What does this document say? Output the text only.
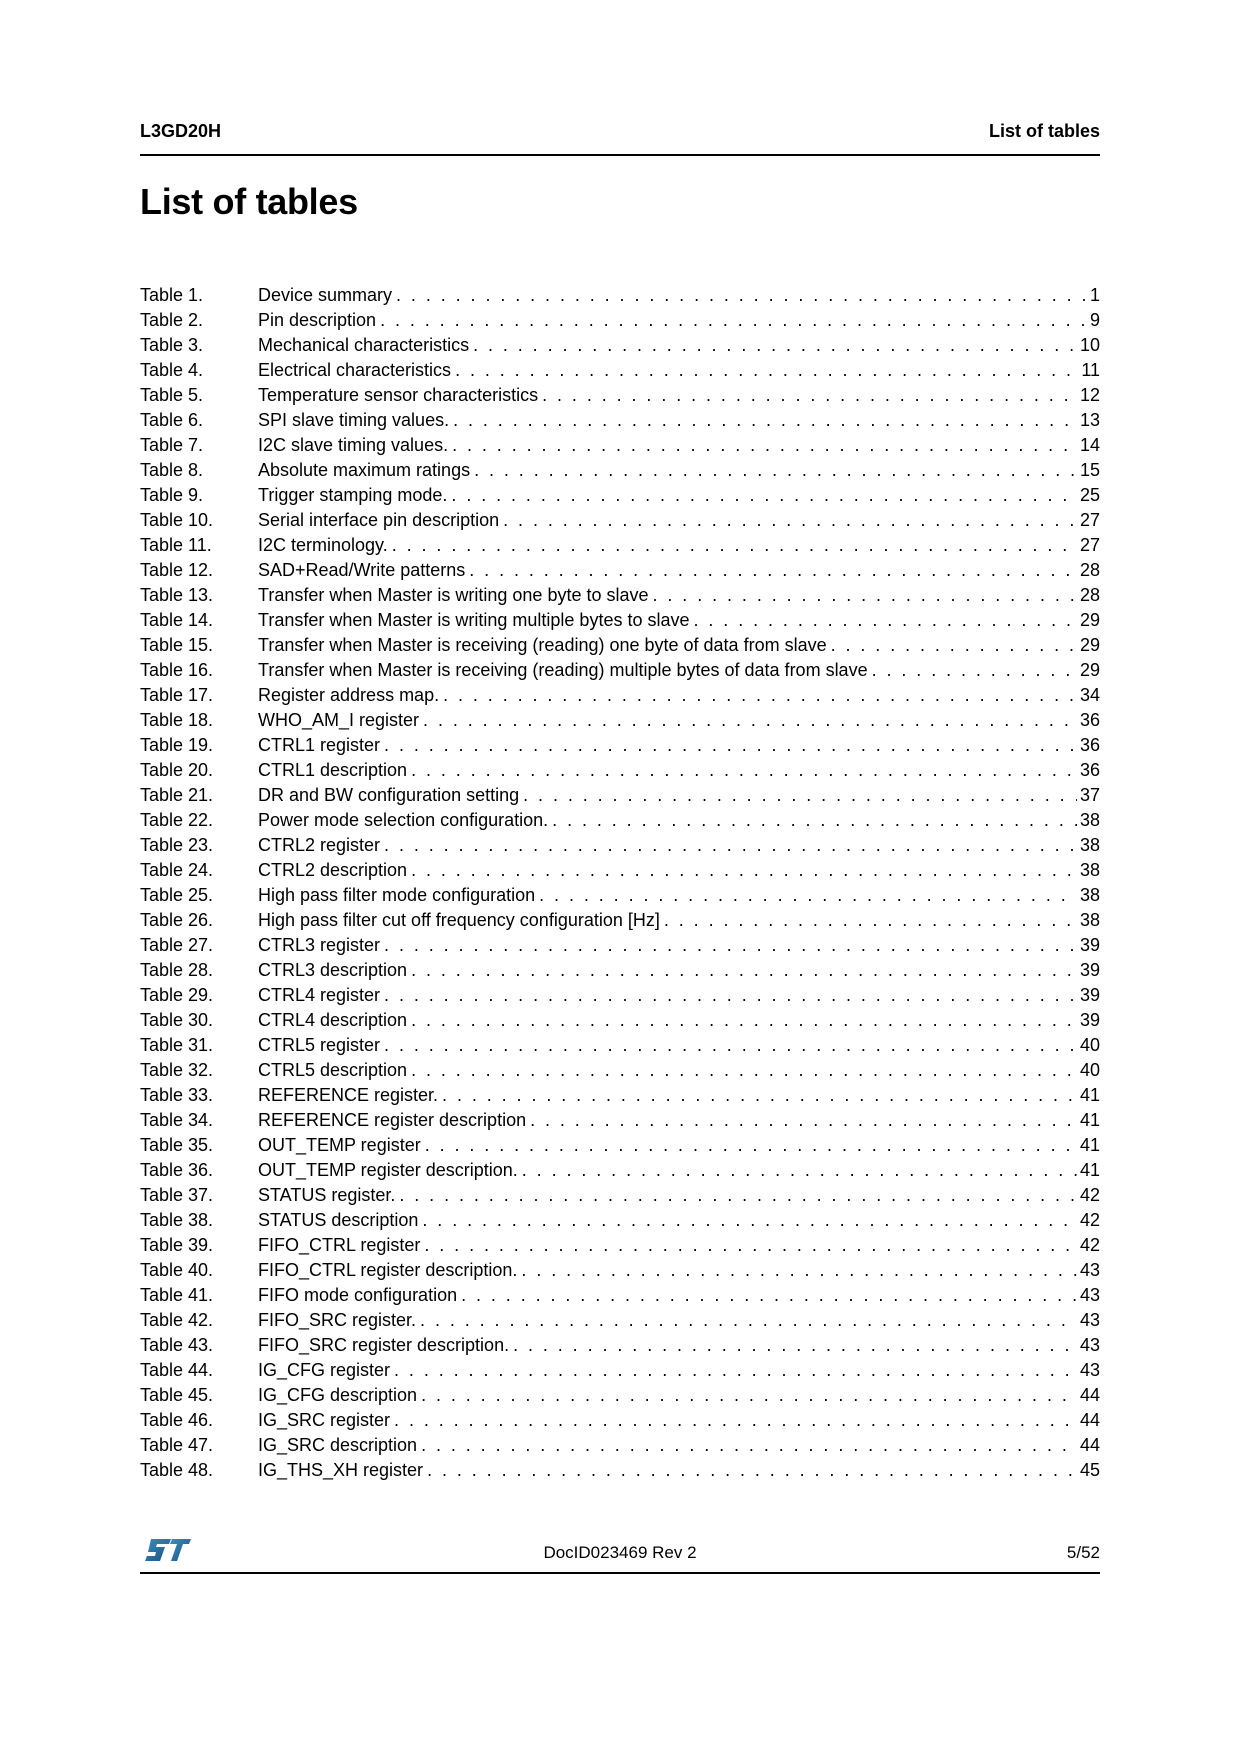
L3GD20H	List of tables
List of tables
Table 1.	Device summary . . .	1
Table 2.	Pin description . . .	9
Table 3.	Mechanical characteristics . . .	10
Table 4.	Electrical characteristics . . .	11
Table 5.	Temperature sensor characteristics . . .	12
Table 6.	SPI slave timing values. . . .	13
Table 7.	I2C slave timing values. . . .	14
Table 8.	Absolute maximum ratings . . .	15
Table 9.	Trigger stamping mode. . . .	25
Table 10. Serial interface pin description . . .	27
Table 11.	I2C terminology. . . .	27
Table 12. SAD+Read/Write patterns . . .	28
Table 13. Transfer when Master is writing one byte to slave . . .	28
Table 14. Transfer when Master is writing multiple bytes to slave . . .	29
Table 15. Transfer when Master is receiving (reading) one byte of data from slave . . .	29
Table 16. Transfer when Master is receiving (reading) multiple bytes of data from slave . . .	29
Table 17. Register address map. . . .	34
Table 18. WHO_AM_I register . . .	36
Table 19. CTRL1 register . . .	36
Table 20. CTRL1 description . . .	36
Table 21. DR and BW configuration setting . . .	37
Table 22. Power mode selection configuration. . . .	38
Table 23. CTRL2 register . . .	38
Table 24. CTRL2 description . . .	38
Table 25. High pass filter mode configuration . . .	38
Table 26. High pass filter cut off frequency configuration [Hz] . . .	38
Table 27. CTRL3 register . . .	39
Table 28. CTRL3 description . . .	39
Table 29. CTRL4 register . . .	39
Table 30. CTRL4 description . . .	39
Table 31. CTRL5 register . . .	40
Table 32. CTRL5 description . . .	40
Table 33. REFERENCE register. . . .	41
Table 34. REFERENCE register description . . .	41
Table 35. OUT_TEMP register . . .	41
Table 36. OUT_TEMP register description. . . .	41
Table 37. STATUS register. . . .	42
Table 38. STATUS description . . .	42
Table 39. FIFO_CTRL register . . .	42
Table 40. FIFO_CTRL register description. . . .	43
Table 41. FIFO mode configuration . . .	43
Table 42. FIFO_SRC register. . . .	43
Table 43. FIFO_SRC register description. . . .	43
Table 44. IG_CFG register . . .	43
Table 45. IG_CFG description . . .	44
Table 46. IG_SRC register . . .	44
Table 47. IG_SRC description . . .	44
Table 48. IG_THS_XH register . . .	45
DocID023469 Rev 2	5/52
